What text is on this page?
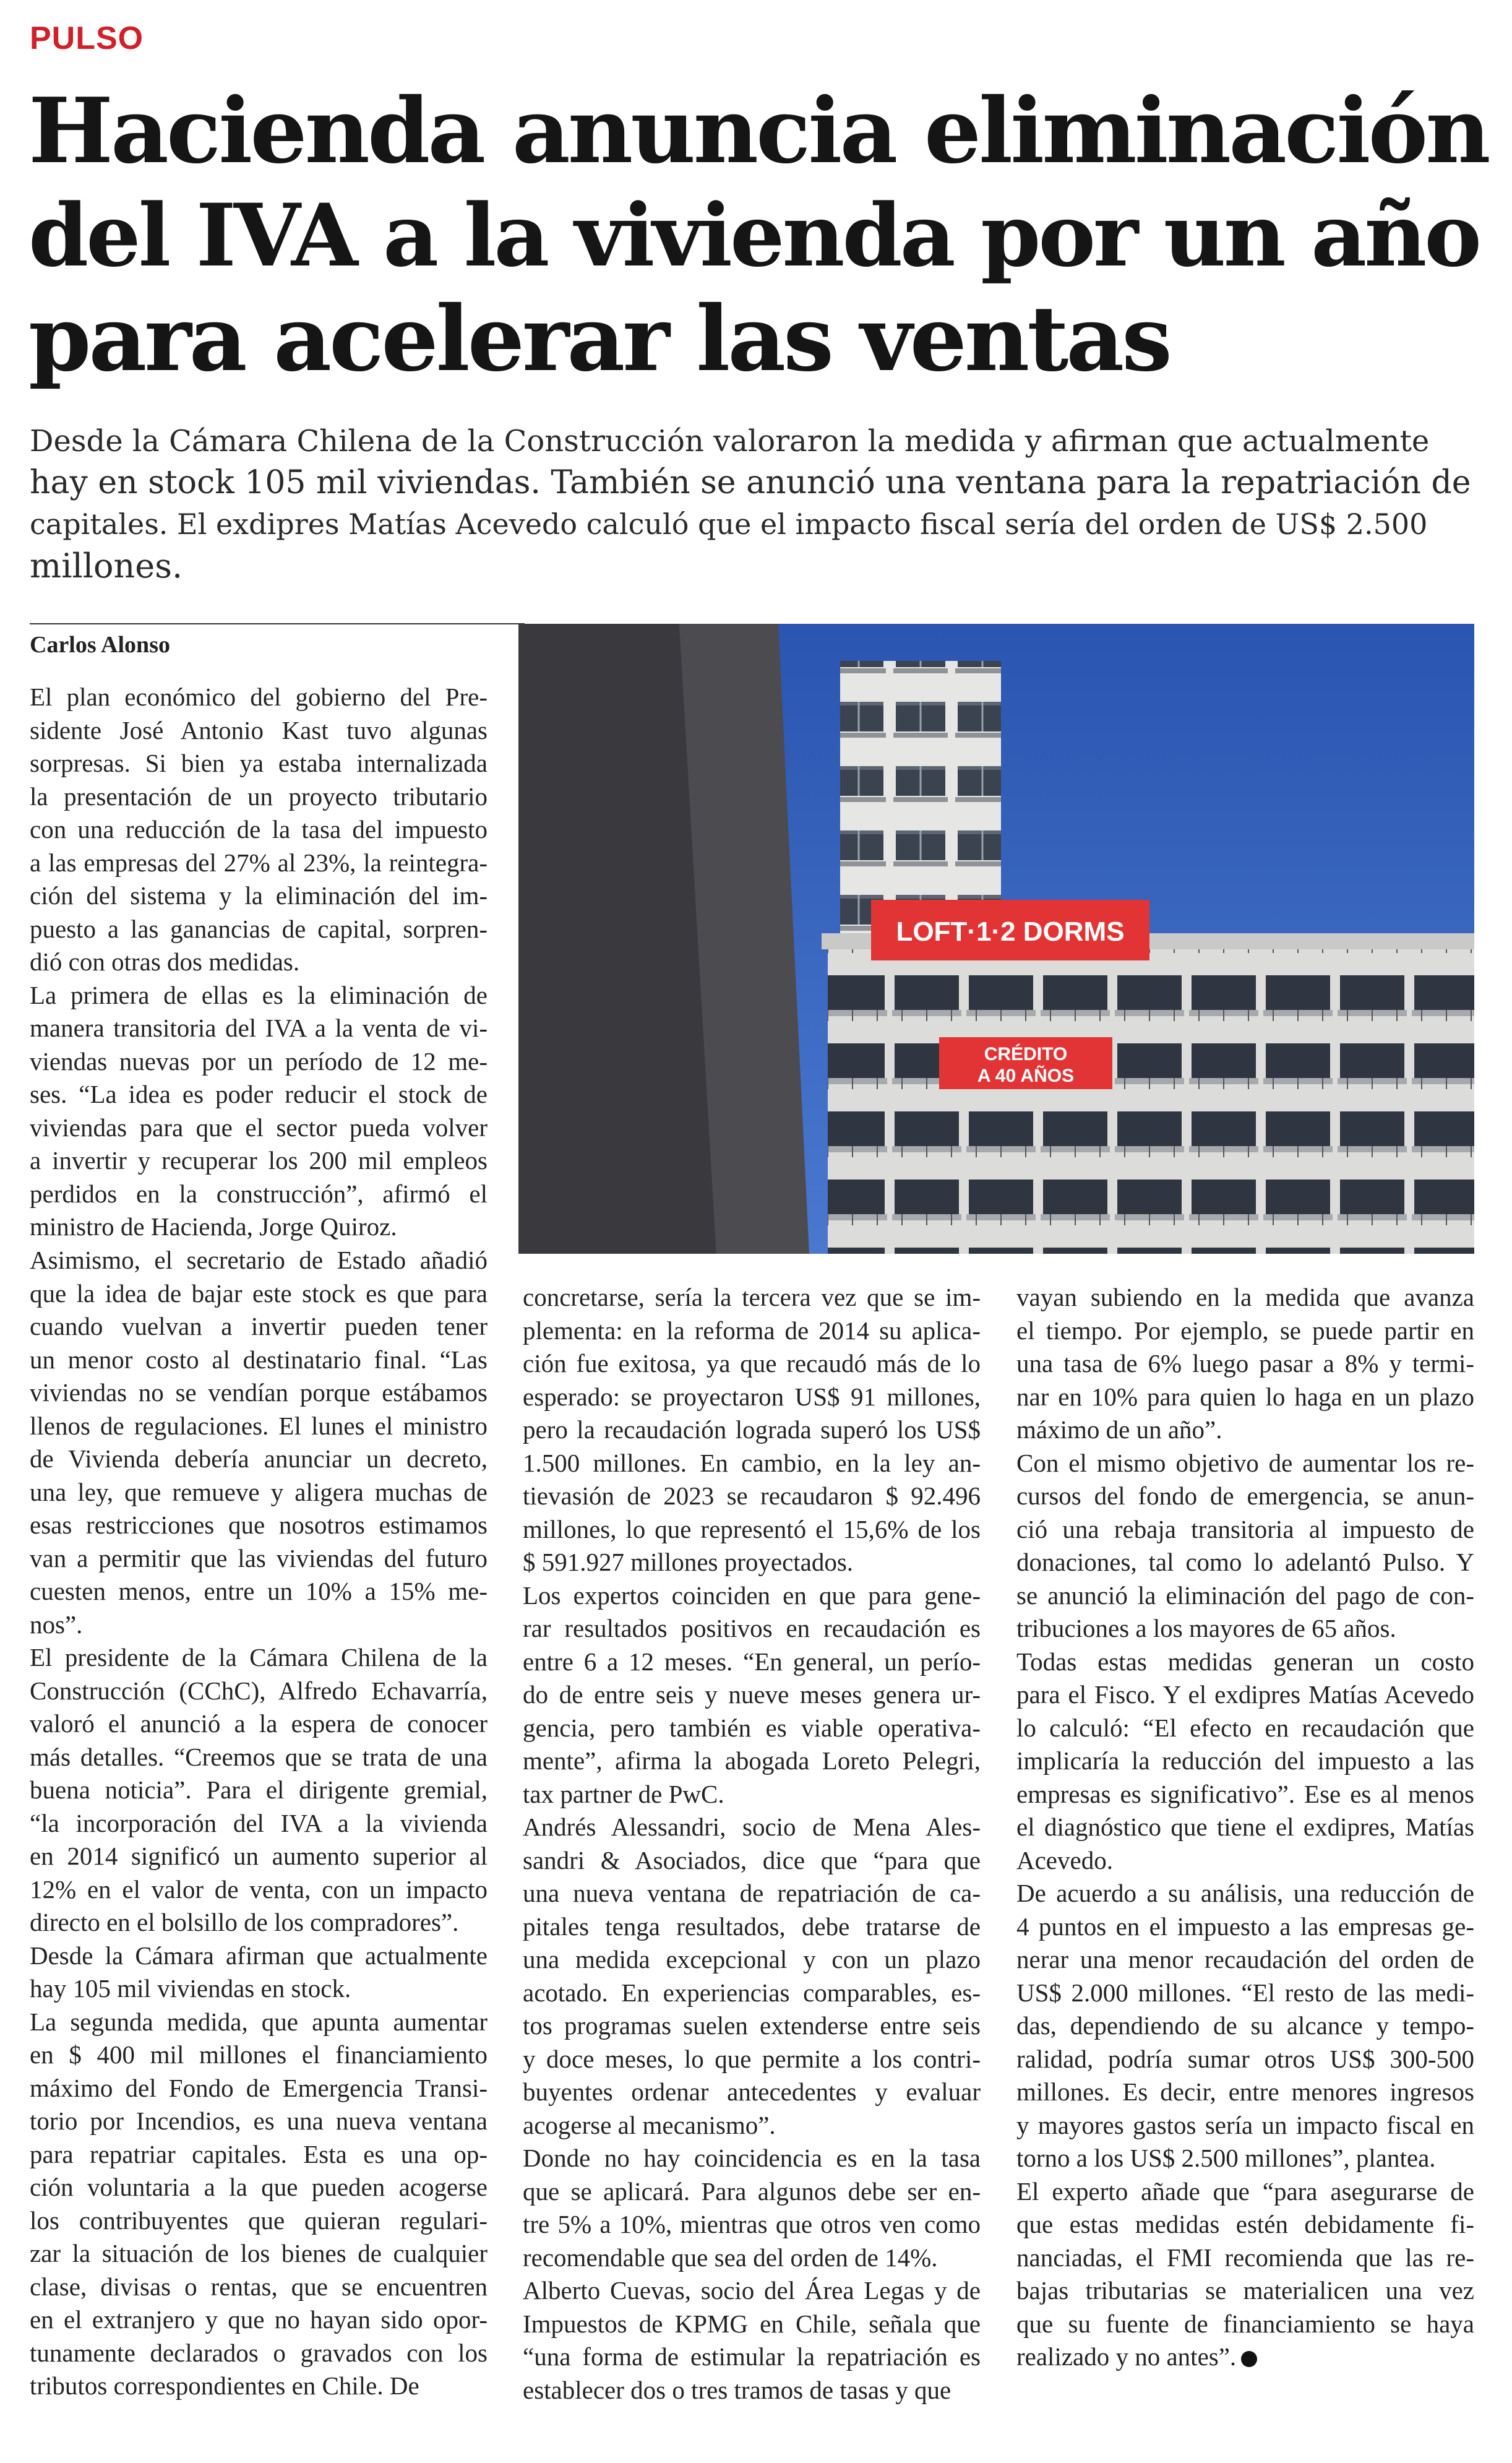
PULSO
Hacienda anuncia eliminación
del IVA a la vivienda por un año
para acelerar las ventas
Desde la Cámara Chilena de la Construcción valoraron la medida y afirman que actualmente
hay en stock 105 mil viviendas. También se anunció una ventana para la repatriación de
capitales. El exdipres Matías Acevedo calculó que el impacto fiscal sería del orden de US$ 2.500
millones.
Carlos Alonso
LOFT·1·2 DORMS
CRÉDITO
A 40 AÑOS
El plan económico del gobierno del Pre-
sidente José Antonio Kast tuvo algunas
sorpresas. Si bien ya estaba internalizada
la presentación de un proyecto tributario
con una reducción de la tasa del impuesto
a las empresas del 27% al 23%, la reintegra-
ción del sistema y la eliminación del im-
puesto a las ganancias de capital, sorpren-
dió con otras dos medidas.
La primera de ellas es la eliminación de
manera transitoria del IVA a la venta de vi-
viendas nuevas por un período de 12 me-
ses. “La idea es poder reducir el stock de
viviendas para que el sector pueda volver
a invertir y recuperar los 200 mil empleos
perdidos en la construcción”, afirmó el
ministro de Hacienda, Jorge Quiroz.
Asimismo, el secretario de Estado añadió
que la idea de bajar este stock es que para
cuando vuelvan a invertir pueden tener
un menor costo al destinatario final. “Las
viviendas no se vendían porque estábamos
llenos de regulaciones. El lunes el ministro
de Vivienda debería anunciar un decreto,
una ley, que remueve y aligera muchas de
esas restricciones que nosotros estimamos
van a permitir que las viviendas del futuro
cuesten menos, entre un 10% a 15% me-
nos”.
El presidente de la Cámara Chilena de la
Construcción (CChC), Alfredo Echavarría,
valoró el anunció a la espera de conocer
más detalles. “Creemos que se trata de una
buena noticia”. Para el dirigente gremial,
“la incorporación del IVA a la vivienda
en 2014 significó un aumento superior al
12% en el valor de venta, con un impacto
directo en el bolsillo de los compradores”.
Desde la Cámara afirman que actualmente
hay 105 mil viviendas en stock.
La segunda medida, que apunta aumentar
en $ 400 mil millones el financiamiento
máximo del Fondo de Emergencia Transi-
torio por Incendios, es una nueva ventana
para repatriar capitales. Esta es una op-
ción voluntaria a la que pueden acogerse
los contribuyentes que quieran regulari-
zar la situación de los bienes de cualquier
clase, divisas o rentas, que se encuentren
en el extranjero y que no hayan sido opor-
tunamente declarados o gravados con los
tributos correspondientes en Chile. De
concretarse, sería la tercera vez que se im-
plementa: en la reforma de 2014 su aplica-
ción fue exitosa, ya que recaudó más de lo
esperado: se proyectaron US$ 91 millones,
pero la recaudación lograda superó los US$
1.500 millones. En cambio, en la ley an-
tievasión de 2023 se recaudaron $ 92.496
millones, lo que representó el 15,6% de los
$ 591.927 millones proyectados.
Los expertos coinciden en que para gene-
rar resultados positivos en recaudación es
entre 6 a 12 meses. “En general, un perío-
do de entre seis y nueve meses genera ur-
gencia, pero también es viable operativa-
mente”, afirma la abogada Loreto Pelegri,
tax partner de PwC.
Andrés Alessandri, socio de Mena Ales-
sandri & Asociados, dice que “para que
una nueva ventana de repatriación de ca-
pitales tenga resultados, debe tratarse de
una medida excepcional y con un plazo
acotado. En experiencias comparables, es-
tos programas suelen extenderse entre seis
y doce meses, lo que permite a los contri-
buyentes ordenar antecedentes y evaluar
acogerse al mecanismo”.
Donde no hay coincidencia es en la tasa
que se aplicará. Para algunos debe ser en-
tre 5% a 10%, mientras que otros ven como
recomendable que sea del orden de 14%.
Alberto Cuevas, socio del Área Legas y de
Impuestos de KPMG en Chile, señala que
“una forma de estimular la repatriación es
establecer dos o tres tramos de tasas y que
vayan subiendo en la medida que avanza
el tiempo. Por ejemplo, se puede partir en
una tasa de 6% luego pasar a 8% y termi-
nar en 10% para quien lo haga en un plazo
máximo de un año”.
Con el mismo objetivo de aumentar los re-
cursos del fondo de emergencia, se anun-
ció una rebaja transitoria al impuesto de
donaciones, tal como lo adelantó Pulso. Y
se anunció la eliminación del pago de con-
tribuciones a los mayores de 65 años.
Todas estas medidas generan un costo
para el Fisco. Y el exdipres Matías Acevedo
lo calculó: “El efecto en recaudación que
implicaría la reducción del impuesto a las
empresas es significativo”. Ese es al menos
el diagnóstico que tiene el exdipres, Matías
Acevedo.
De acuerdo a su análisis, una reducción de
4 puntos en el impuesto a las empresas ge-
nerar una menor recaudación del orden de
US$ 2.000 millones. “El resto de las medi-
das, dependiendo de su alcance y tempo-
ralidad, podría sumar otros US$ 300-500
millones. Es decir, entre menores ingresos
y mayores gastos sería un impacto fiscal en
torno a los US$ 2.500 millones”, plantea.
El experto añade que “para asegurarse de
que estas medidas estén debidamente fi-
nanciadas, el FMI recomienda que las re-
bajas tributarias se materialicen una vez
que su fuente de financiamiento se haya
realizado y no antes”.
